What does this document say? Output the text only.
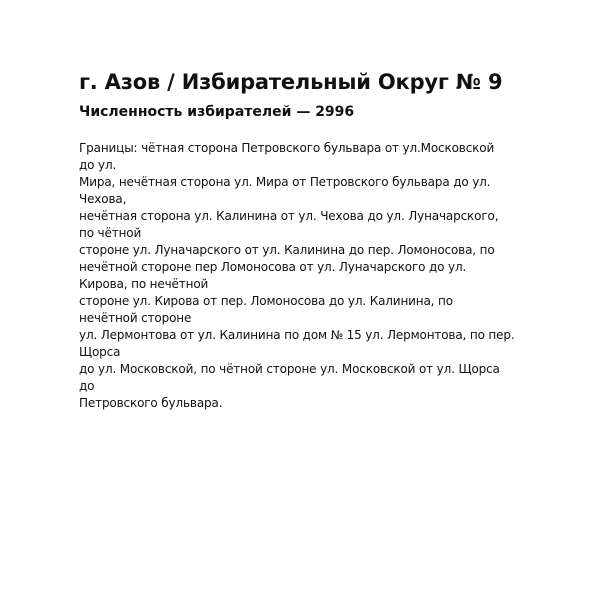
г. Азов / Избирательный Округ № 9
Численность избирателей — 2996
Границы: чётная сторона Петровского бульвара от ул.Московской
до ул.
Мира, нечётная сторона ул. Мира от Петровского бульвара до ул.
Чехова,
нечётная сторона ул. Калинина от ул. Чехова до ул. Луначарского,
по чётной
стороне ул. Луначарского от ул. Калинина до пер. Ломоносова, по
нечётной стороне пер Ломоносова от ул. Луначарского до ул.
Кирова, по нечётной
стороне ул. Кирова от пер. Ломоносова до ул. Калинина, по
нечётной стороне
ул. Лермонтова от ул. Калинина по дом № 15 ул. Лермонтова, по пер.
Щорса
до ул. Московской, по чётной стороне ул. Московской от ул. Щорса
до
Петровского бульвара.
